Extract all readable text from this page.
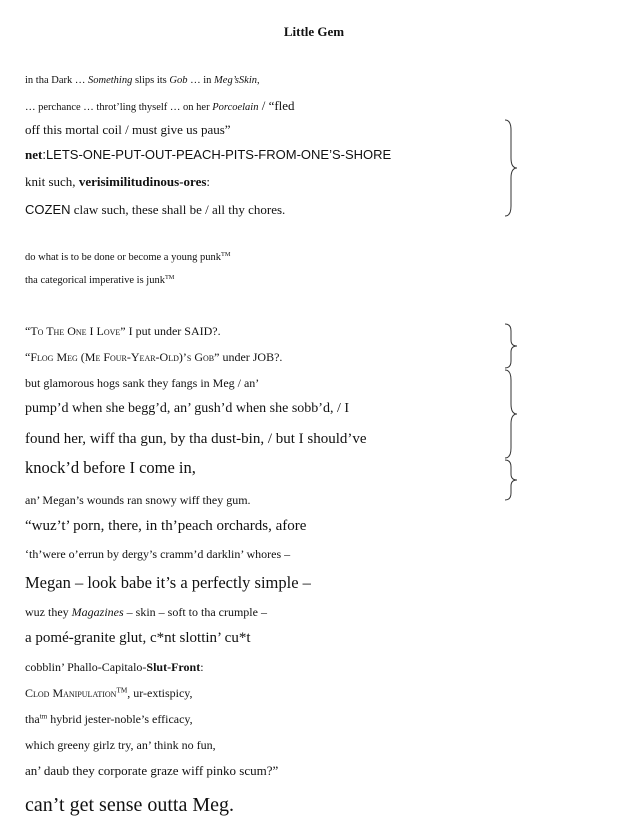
Little Gem
in tha Dark … Something slips its Gob … in Meg’sSkin,
… perchance … throt’ling thyself … on her Porcoelain / “fled
off this mortal coil / must give us paus”
net:LETS-ONE-PUT-OUT-PEACH-PITS-FROM-ONE’S-SHORE
knit such, verisimilitudinous-ores:
COZEN claw such, these shall be / all thy chores.
do what is to be done or become a young punk™
tha categorical imperative is junk™
“To The One I Love” I put under SAID?.
“Flog Meg (Me Four-Year-Old)’s Gob” under JOB?.
but glamorous hogs sank they fangs in Meg / an’
pump’d when she begg’d, an’ gush’d when she sobb’d, / I
found her, wiff tha gun, by tha dust-bin, / but I should’ve
knock’d before I come in,
an’ Megan’s wounds ran snowy wiff they gum.
“wuz’t’ porn, there, in th’peach orchards, afore
‘th’were o’errun by dergy’s cramm’d darklin’ whores –
Megan – look babe it’s a perfectly simple –
wuz they Magazines – skin – soft to tha crumple –
a pomé-granite glut, c*nt slottin’ cu*t
cobblin’ Phallo-Capitalo-Slut-Front:
Clod Manipulation™, ur-extispicy,
tha$^{tm}$ hybrid jester-noble’s efficacy,
which greeny girlz try, an’ think no fun,
an’ daub they corporate graze wiff pinko scum?”
can’t get sense outta Meg.
